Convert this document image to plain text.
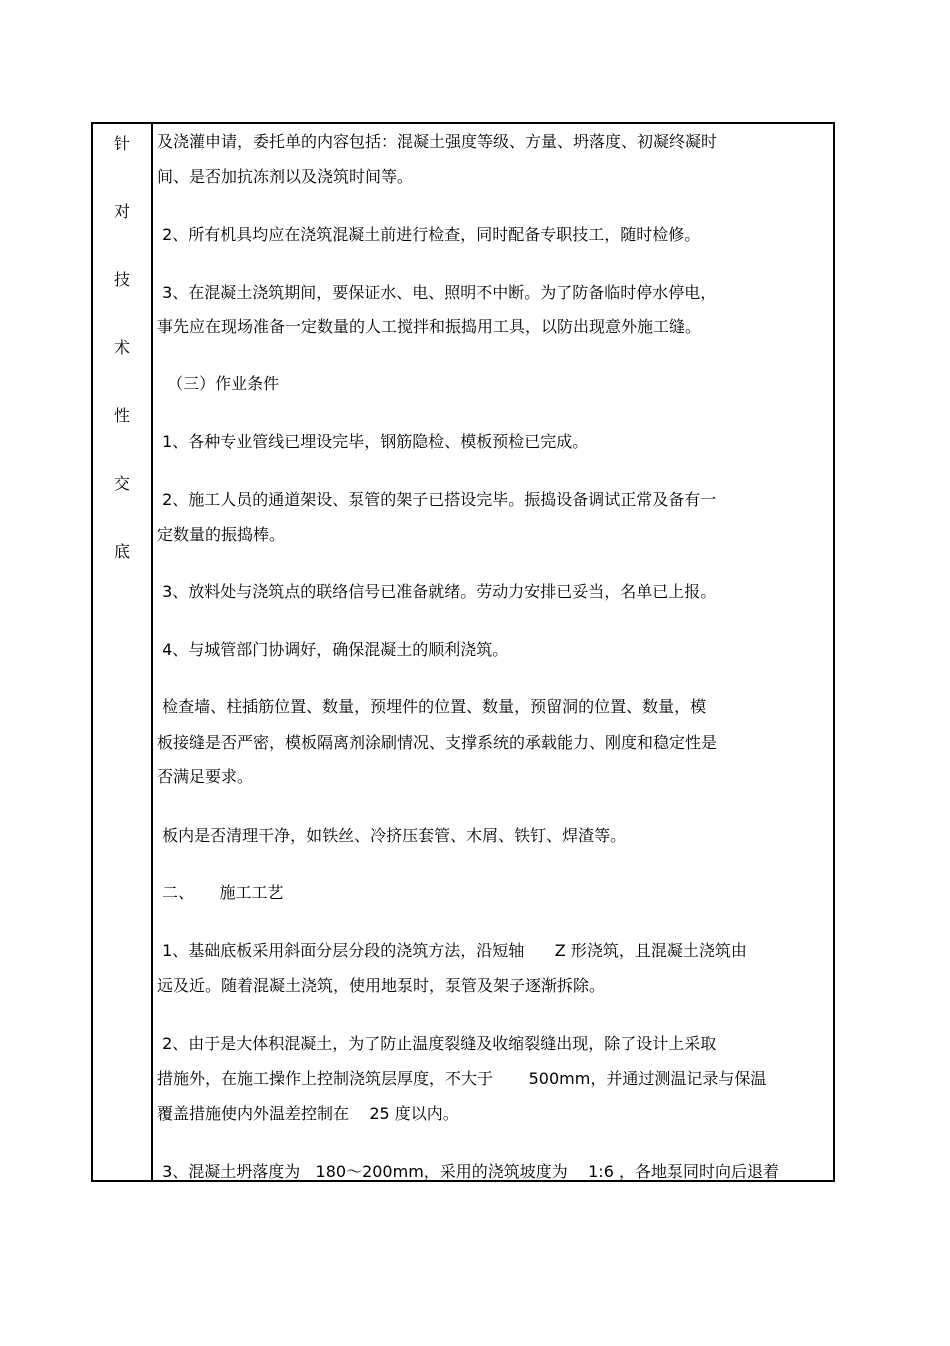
针
对
技
术
性
交
底
及浇灌申请，委托单的内容包括：混凝土强度等级、方量、坍落度、初凝终凝时
间、是否加抗冻剂以及浇筑时间等。
2、所有机具均应在浇筑混凝土前进行检查，同时配备专职技工，随时检修。
3、在混凝土浇筑期间，要保证水、电、照明不中断。为了防备临时停水停电，
事先应在现场准备一定数量的人工搅拌和振捣用工具，以防出现意外施工缝。
（三）作业条件
1、各种专业管线已埋设完毕，钢筋隐检、模板预检已完成。
2、施工人员的通道架设、泵管的架子已搭设完毕。振捣设备调试正常及备有一
定数量的振捣棒。
3、放料处与浇筑点的联络信号已准备就绪。劳动力安排已妥当，名单已上报。
4、与城管部门协调好，确保混凝土的顺利浇筑。
检查墙、柱插筋位置、数量，预埋件的位置、数量，预留洞的位置、数量，模
板接缝是否严密，模板隔离剂涂刷情况、支撑系统的承载能力、刚度和稳定性是
否满足要求。
板内是否清理干净，如铁丝、冷挤压套管、木屑、铁钉、焊渣等。
二、     施工工艺
1、基础底板采用斜面分层分段的浇筑方法，沿短轴      Z 形浇筑，且混凝土浇筑由
远及近。随着混凝土浇筑，使用地泵时，泵管及架子逐渐拆除。
2、由于是大体积混凝土，为了防止温度裂缝及收缩裂缝出现，除了设计上采取
措施外，在施工操作上控制浇筑层厚度，不大于       500mm，并通过测温记录与保温
覆盖措施使内外温差控制在    25 度以内。
3、混凝土坍落度为   180～200mm，采用的浇筑坡度为    1:6 ，各地泵同时向后退着
